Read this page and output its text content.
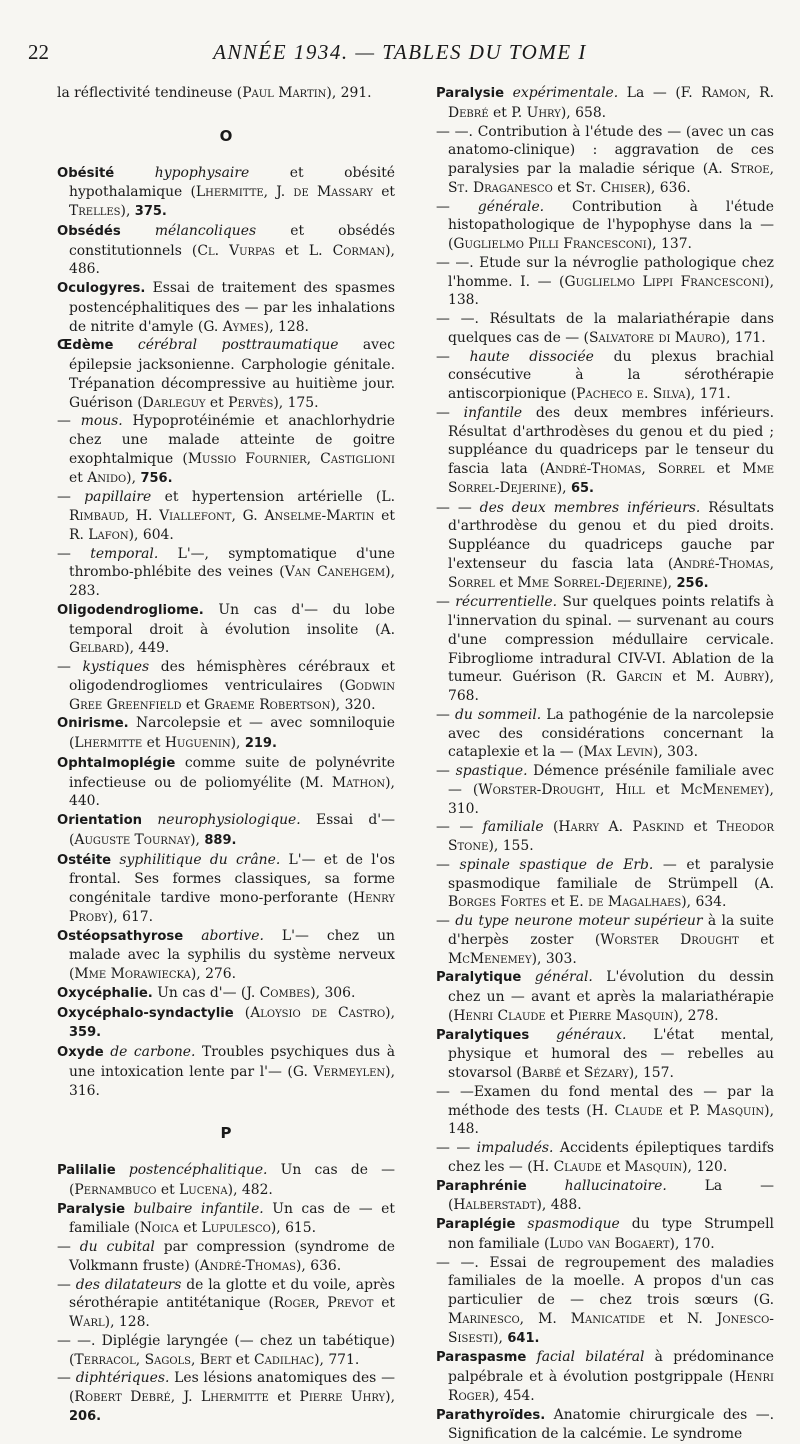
22	ANNÉE 1934. — TABLES DU TOME I

la réflectivité tendineuse (Paul Martin), 291.

O

Obésité	hypophysaire et obésité hypothalamique (Lhermitte, J. de Massary et Trelles), 375.

Obsédés mélancoliques et obsédés constitutionnels (Cl. Vurpas et L. Corman), 486.

Oculogyres. Essai de traitement des spasmes postencéphalitiques des — par les inhalations de nitrite d'amyle (G. Aymes), 128.

Œdème cérébral posttraumatique avec épilepsie jacksonienne. Carphologie génitale. Trépanation décompressive au huitième jour. Guérison (Darleguy et Pervès), 175.

— mous. Hypoprotéinémie et anachlorhydrie chez une malade atteinte de goitre exophtalmique (Mussio Fournier, Castiglioni et Anido), 756.

— papillaire et hypertension artérielle (L. Rimbaud, H. Viallefont, G. Anselme-Martin et R. Lafon), 604.

— temporal. L'—, symptomatique d'une thrombo-phlébite des veines (Van Canehgem), 283.

Oligodendrogliome. Un cas d'— du lobe temporal droit à évolution insolite (A. Gelbard), 449.

— kystiques des hémisphères cérébraux et oligodendrogliomes ventriculaires (Godwin Gree Greenfield et Graeme Robertson), 320.

Onirisme. Narcolepsie et — avec somniloquie (Lhermitte et Huguenin), 219.

Ophtalmoplégie comme suite de polynévrite infectieuse ou de poliomyélite (M. Mathon), 440.

Orientation neurophysiologique. Essai d'— (Auguste Tournay), 889.

Ostéite syphilitique du crâne. L'— et de l'os frontal. Ses formes classiques, sa forme congénitale tardive mono-perforante (Henry Proby), 617.

Ostéopsathyrose abortive. L'— chez un malade avec la syphilis du système nerveux (Mme Morawiecka), 276.

Oxycéphalie. Un cas d'— (J. Combes), 306.

Oxycéphalo-syndactylie (Aloysio de Castro), 359.

Oxyde de carbone. Troubles psychiques dus à une intoxication lente par l'— (G. Vermeylen), 316.

P

Palilalie postencéphalitique. Un cas de — (Pernambuco et Lucena), 482.

Paralysie bulbaire infantile. Un cas de — et familiale (Noica et Lupulesco), 615.

— du cubital par compression (syndrome de Volkmann fruste) (André-Thomas), 636.

— des dilatateurs de la glotte et du voile, après sérothérapie antitétanique (Roger, Prevot et Warl), 128.

— —. Diplégie laryngée (— chez un tabétique) (Terracol, Sagols, Bert et Cadilhac), 771.

— diphtériques. Les lésions anatomiques des — (Robert Debré, J. Lhermitte et Pierre Uhry), 206.

Paralysie expérimentale. La — (F. Ramon, R. Debré et P. Uhry), 658.

— —. Contribution à l'étude des — (avec un cas anatomo-clinique) : aggravation de ces paralysies par la maladie sérique (A. Stroe, St. Draganesco et St. Chiser), 636.

— générale. Contribution à l'étude histopathologique de l'hypophyse dans la — (Guglielmo Pilli Francesconi), 137.

— —. Etude sur la névroglie pathologique chez l'homme. I. — (Guglielmo Lippi Francesconi), 138.

— —. Résultats de la malariathérapie dans quelques cas de — (Salvatore di Mauro), 171.

— haute dissociée du plexus brachial consécutive à la sérothérapie antiscorpionique (Pacheco e. Silva), 171.

— infantile des deux membres inférieurs. Résultat d'arthrodèses du genou et du pied ; suppléance du quadriceps par le tenseur du fascia lata (André-Thomas, Sorrel et Mme Sorrel-Dejerine), 65.

— — des deux membres inférieurs. Résultats d'arthrodèse du genou et du pied droits. Suppléance du quadriceps gauche par l'extenseur du fascia lata (André-Thomas, Sorrel et Mme Sorrel-Dejerine), 256.

— récurrentielle. Sur quelques points relatifs à l'innervation du spinal. — survenant au cours d'une compression médullaire cervicale. Fibrogliome intradural CIV-VI. Ablation de la tumeur. Guérison (R. Garcin et M. Aubry), 768.

— du sommeil. La pathogénie de la narcolepsie avec des considérations concernant la cataplexie et la — (Max Levin), 303.

— spastique. Démence présénile familiale avec — (Worster-Drought, Hill et McMenemey), 310.

— — familiale (Harry A. Paskind et Theodor Stone), 155.

— spinale spastique de Erb. — et paralysie spasmodique familiale de Strümpell (A. Borges Fortes et E. de Magalhaes), 634.

— du type neurone moteur supérieur à la suite d'herpès zoster (Worster Drought et McMenemey), 303.

Paralytique général. L'évolution du dessin chez un — avant et après la malariathérapie (Henri Claude et Pierre Masquin), 278.

Paralytiques généraux. L'état mental, physique et humoral des — rebelles au stovarsol (Barbé et Sézary), 157.

— —Examen du fond mental des — par la méthode des tests (H. Claude et P. Masquin), 148.

— — impaludés. Accidents épileptiques tardifs chez les — (H. Claude et Masquin), 120.

Paraphrénie	hallucinatoire. La — (Halberstadt), 488.

Paraplégie spasmodique du type Strumpell non familiale (Ludo van Bogaert), 170.

— —. Essai de regroupement des maladies familiales de la moelle. A propos d'un cas particulier de — chez trois sœurs (G. Marinesco, M. Manicatide et N. Jonesco-Sisesti), 641.

Paraspasme facial bilatéral à prédominance palpébrale et à évolution postgrippale (Henri Roger), 454.

Parathyroïdes. Anatomie chirurgicale des —. Signification de la calcémie. Le syndrome
